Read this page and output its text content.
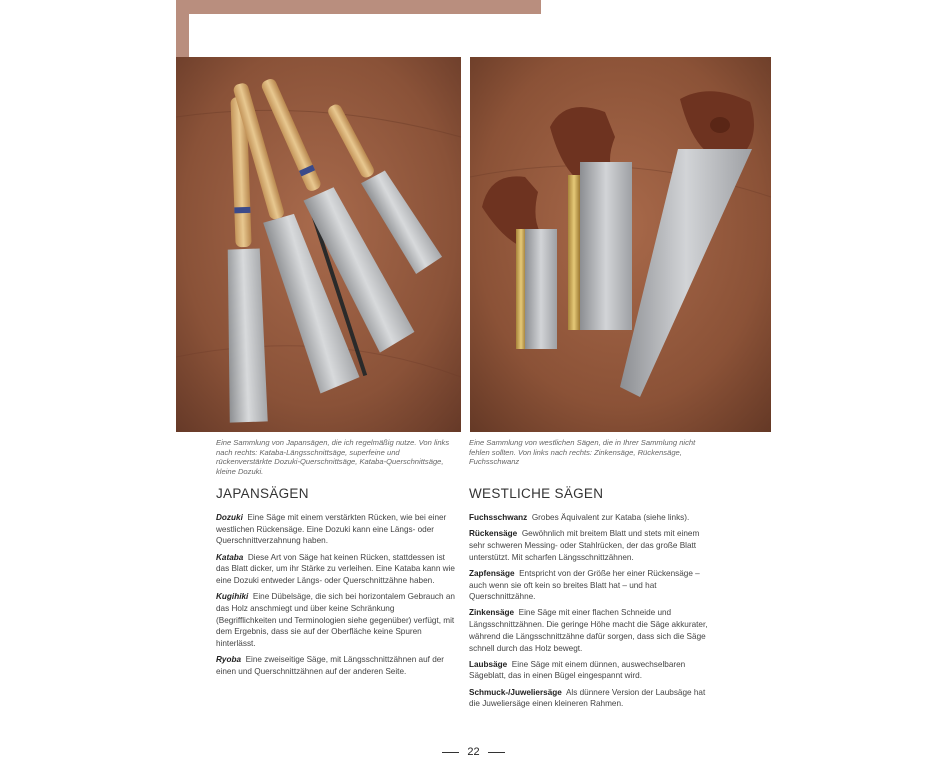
Eine Sammlung von Japansägen, die ich regelmäßig nutze. Von links nach rechts: Kataba-Längsschnittsäge, superfeine und rückenverstärkte Dozuki-Querschnittsäge, Kataba-Querschnittsäge, kleine Dozuki.
Eine Sammlung von westlichen Sägen, die in Ihrer Sammlung nicht fehlen sollten. Von links nach rechts: Zinkensäge, Rückensäge, Fuchsschwanz
JAPANSÄGEN	WESTLICHE SÄGEN

Dozuki Eine Säge mit einem verstärkten Rücken, wie bei einer westlichen Rückensäge. Eine Dozuki kann eine Längs- oder Querschnittverzahnung haben.

Kataba Diese Art von Säge hat keinen Rücken, stattdessen ist das Blatt dicker, um ihr Stärke zu verleihen. Eine Kataba kann wie eine Dozuki entweder Längs- oder Querschnittzähne haben.

Kugihiki Eine Dübelsäge, die sich bei horizontalem Gebrauch an das Holz anschmiegt und über keine Schränkung (Begrifflichkeiten und Terminologien siehe gegenüber) verfügt, mit dem Ergebnis, dass sie auf der Oberfläche keine Spuren hinterlässt.

Ryoba Eine zweiseitige Säge, mit Längsschnittzähnen auf der einen und Querschnittzähnen auf der anderen Seite.

Fuchsschwanz Grobes Äquivalent zur Kataba (siehe links).

Rückensäge Gewöhnlich mit breitem Blatt und stets mit einem sehr schweren Messing- oder Stahlrücken, der das große Blatt unterstützt. Mit scharfen Längsschnittzähnen.

Zapfensäge Entspricht von der Größe her einer Rückensäge – auch wenn sie oft kein so breites Blatt hat – und hat Querschnittzähne.

Zinkensäge Eine Säge mit einer flachen Schneide und Längsschnittzähnen. Die geringe Höhe macht die Säge akkurater, während die Längsschnittzähne dafür sorgen, dass sich die Säge schnell durch das Holz bewegt.

Laubsäge Eine Säge mit einem dünnen, auswechselbaren Sägeblatt, das in einen Bügel eingespannt wird.

Schmuck-/Juweliersäge Als dünnere Version der Laubsäge hat die Juweliersäge einen kleineren Rahmen.

22
